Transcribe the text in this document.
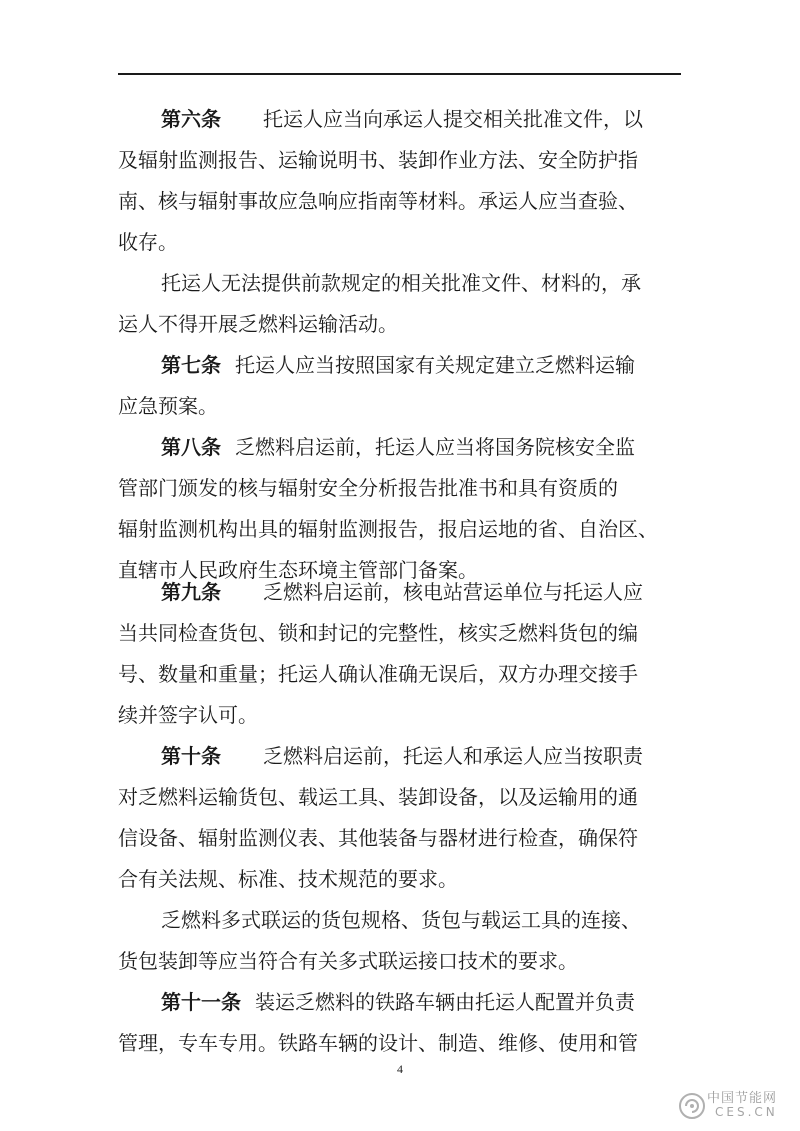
第六条 托运人应当向承运人提交相关批准文件，以
及辐射监测报告、运输说明书、装卸作业方法、安全防护指
南、核与辐射事故应急响应指南等材料。承运人应当查验、
收存。
托运人无法提供前款规定的相关批准文件、材料的，承
运人不得开展乏燃料运输活动。
第七条 托运人应当按照国家有关规定建立乏燃料运输
应急预案。
第八条 乏燃料启运前，托运人应当将国务院核安全监
管部门颁发的核与辐射安全分析报告批准书和具有资质的
辐射监测机构出具的辐射监测报告，报启运地的省、自治区、
直辖市人民政府生态环境主管部门备案。
第九条 乏燃料启运前，核电站营运单位与托运人应
当共同检查货包、锁和封记的完整性，核实乏燃料货包的编
号、数量和重量；托运人确认准确无误后，双方办理交接手
续并签字认可。
第十条 乏燃料启运前，托运人和承运人应当按职责
对乏燃料运输货包、载运工具、装卸设备，以及运输用的通
信设备、辐射监测仪表、其他装备与器材进行检查，确保符
合有关法规、标准、技术规范的要求。
乏燃料多式联运的货包规格、货包与载运工具的连接、
货包装卸等应当符合有关多式联运接口技术的要求。
第十一条 装运乏燃料的铁路车辆由托运人配置并负责
管理，专车专用。铁路车辆的设计、制造、维修、使用和管
4
中国节能网
CES.CN
